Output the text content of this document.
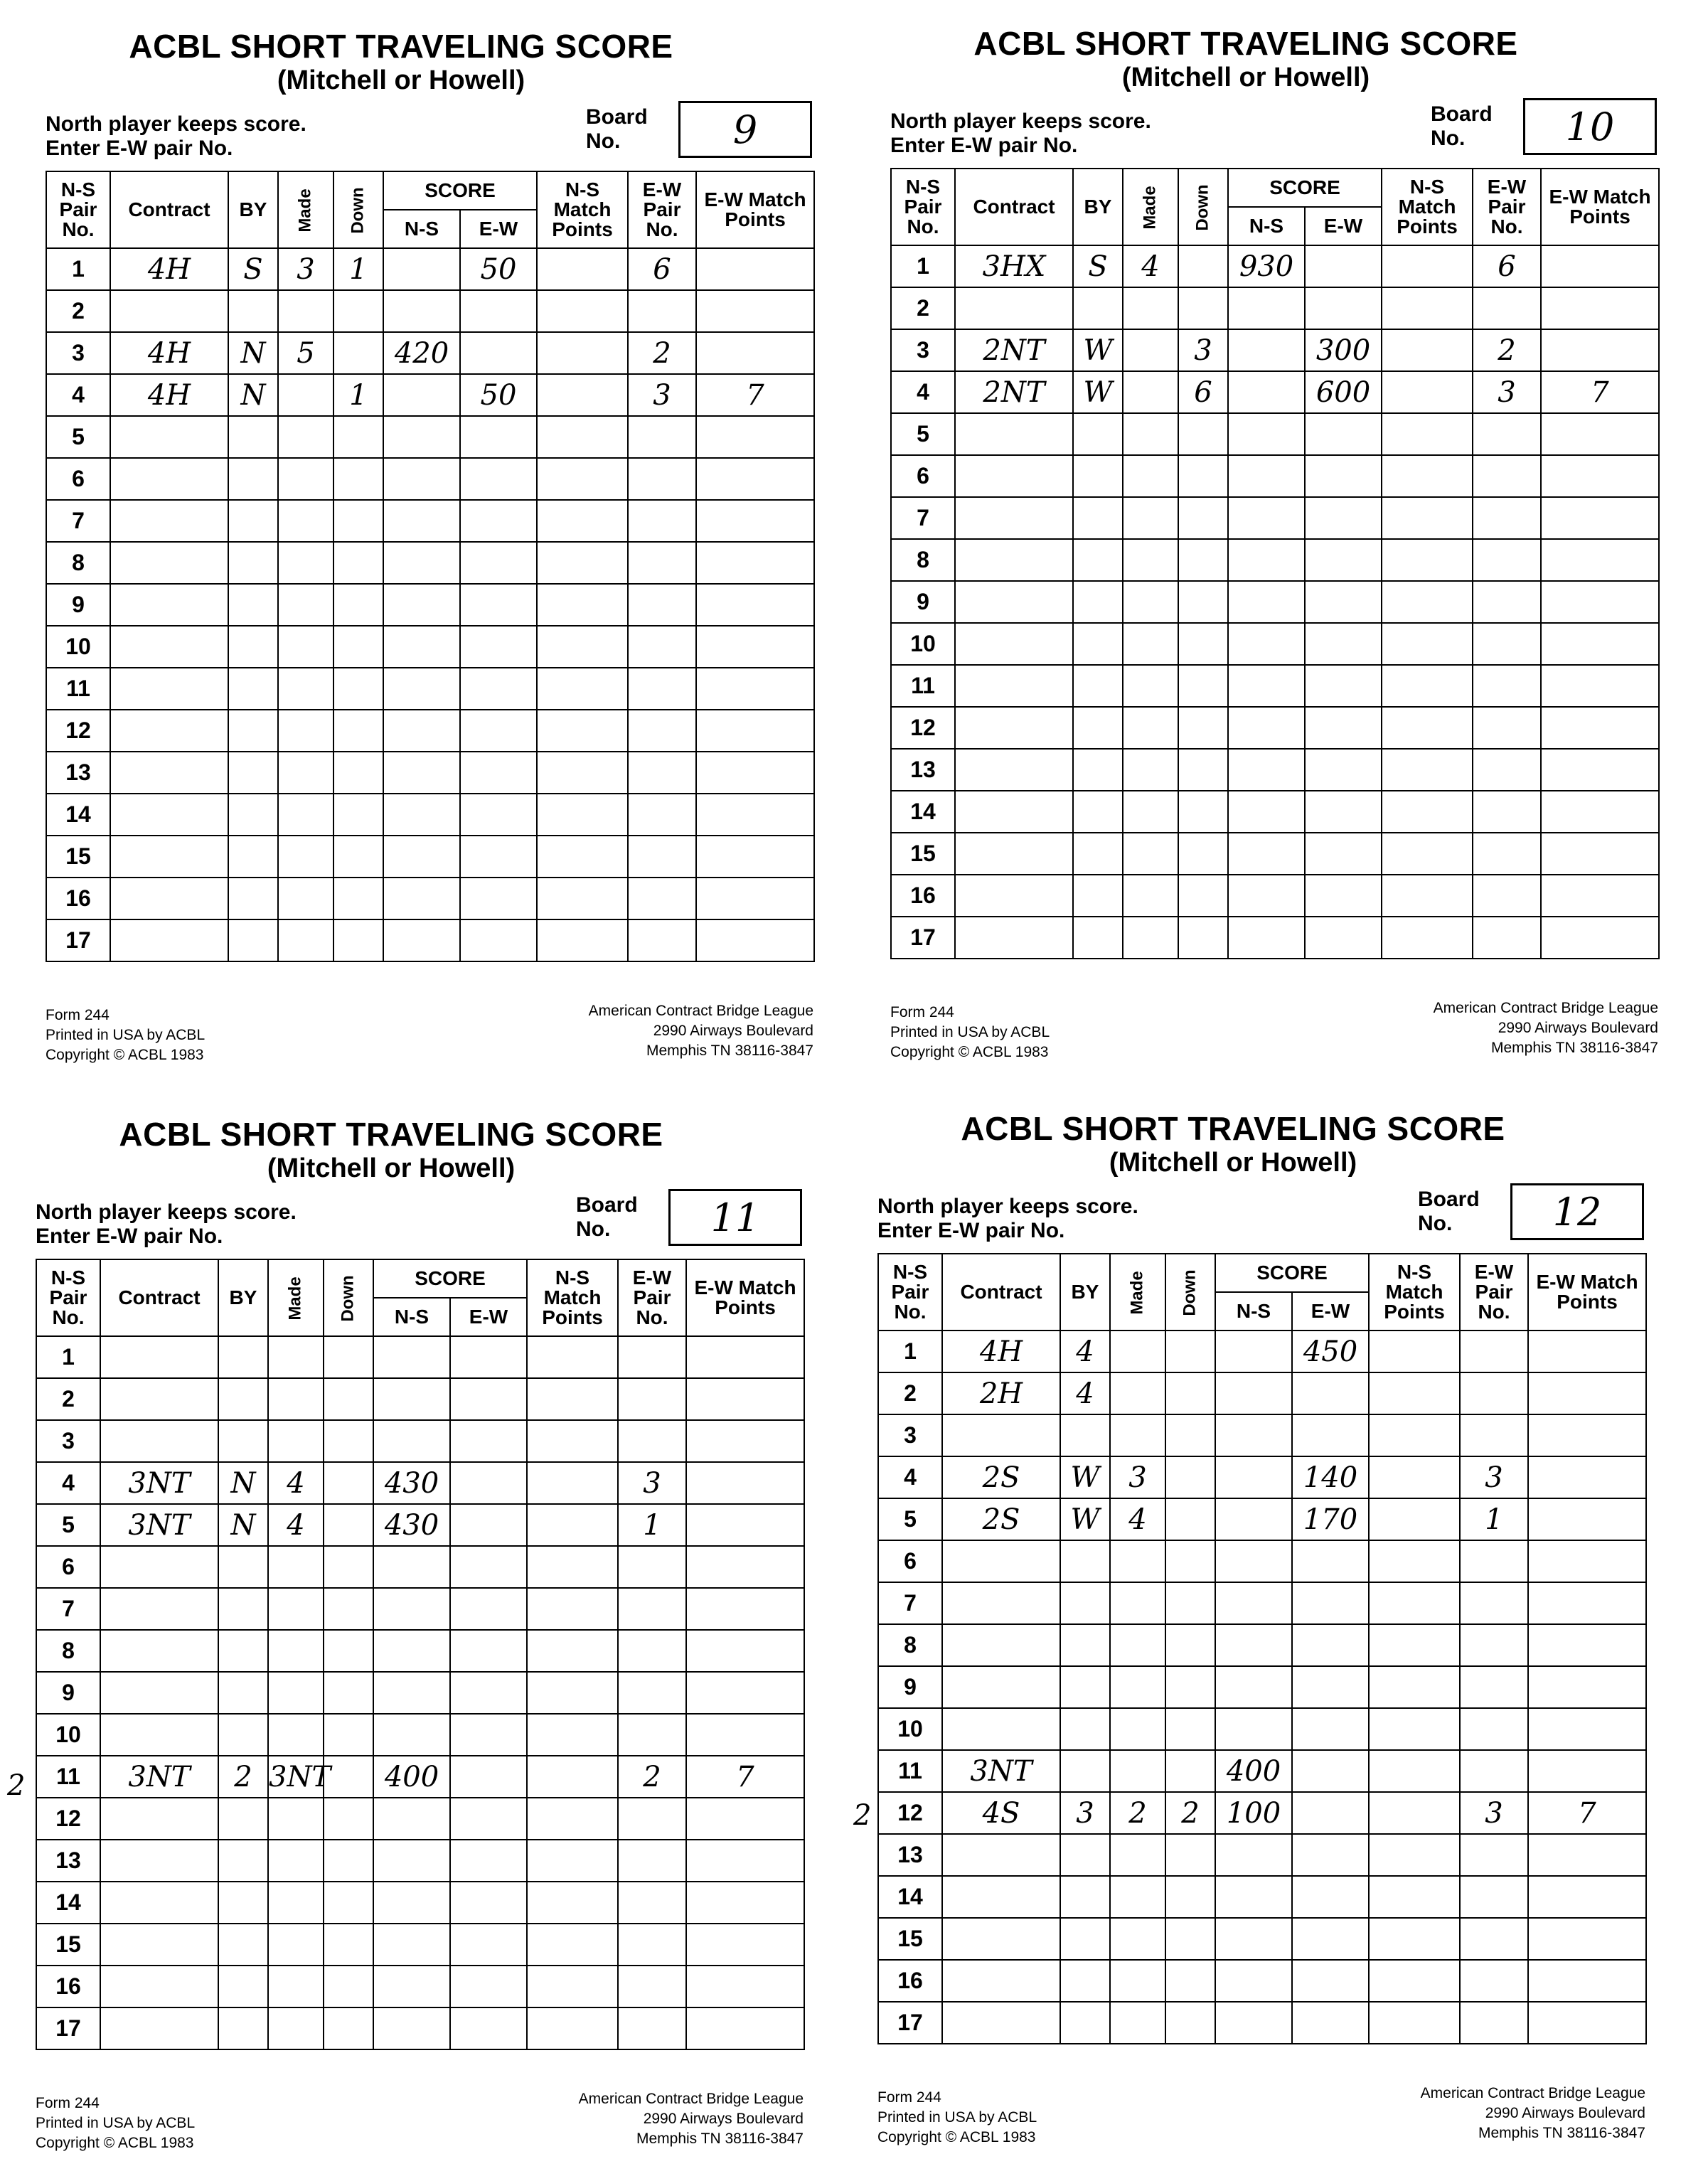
ACBL SHORT TRAVELING SCORE
(Mitchell or Howell)
North player keeps score.
Enter E-W pair No.
Board
No.	9
N-S Pair No.	Contract	BY	Made	Down	SCORE		N-S Match Points	E-W Pair No.	E-W Match Points
					N-S	E-W			
1	4H	S	3	1		50		6	
2									
3	4H	N	5		420			2	
4	4H	N		1		50		3	7
5									
6									
7									
8									
9									
10									
11									
12									
13									
14									
15									
16									
17									
Form 244
Printed in USA by ACBL
Copyright © ACBL 1983
American Contract Bridge League
2990 Airways Boulevard
Memphis TN 38116-3847
ACBL SHORT TRAVELING SCORE
(Mitchell or Howell)
North player keeps score.
Enter E-W pair No.
Board
No.	10
N-S Pair No.	Contract	BY	Made	Down	SCORE		N-S Match Points	E-W Pair No.	E-W Match Points
					N-S	E-W			
1	3HX	S	4		930			6	
2									
3	2NT	W		3		300		2	
4	2NT	W		6		600		3	7
5									
6									
7									
8									
9									
10									
11									
12									
13									
14									
15									
16									
17									
Form 244
Printed in USA by ACBL
Copyright © ACBL 1983
American Contract Bridge League
2990 Airways Boulevard
Memphis TN 38116-3847
ACBL SHORT TRAVELING SCORE
(Mitchell or Howell)
North player keeps score.
Enter E-W pair No.
Board
No.	11
N-S Pair No.	Contract	BY	Made	Down	SCORE		N-S Match Points	E-W Pair No.	E-W Match Points
					N-S	E-W			
1									
2									
3									
4	3NT	N	4		430			3	
5	3NT	N	4		430			1	
6									
7									
8									
9									
10									
11	3NT	2	3NT		400			2	7
12									
13									
14									
15									
16									
17									
Form 244
Printed in USA by ACBL
Copyright © ACBL 1983
American Contract Bridge League
2990 Airways Boulevard
Memphis TN 38116-3847
2
ACBL SHORT TRAVELING SCORE
(Mitchell or Howell)
North player keeps score.
Enter E-W pair No.
Board
No.	12
N-S Pair No.	Contract	BY	Made	Down	SCORE		N-S Match Points	E-W Pair No.	E-W Match Points
					N-S	E-W			
1	4H	4				450			
2	2H	4							
3									
4	2S	W	3			140		3	
5	2S	W	4			170		1	
6									
7									
8									
9									
10									
11	3NT				400				
12	4S	3	2	2	100			3	7
13									
14									
15									
16									
17									
Form 244
Printed in USA by ACBL
Copyright © ACBL 1983
American Contract Bridge League
2990 Airways Boulevard
Memphis TN 38116-3847
2
